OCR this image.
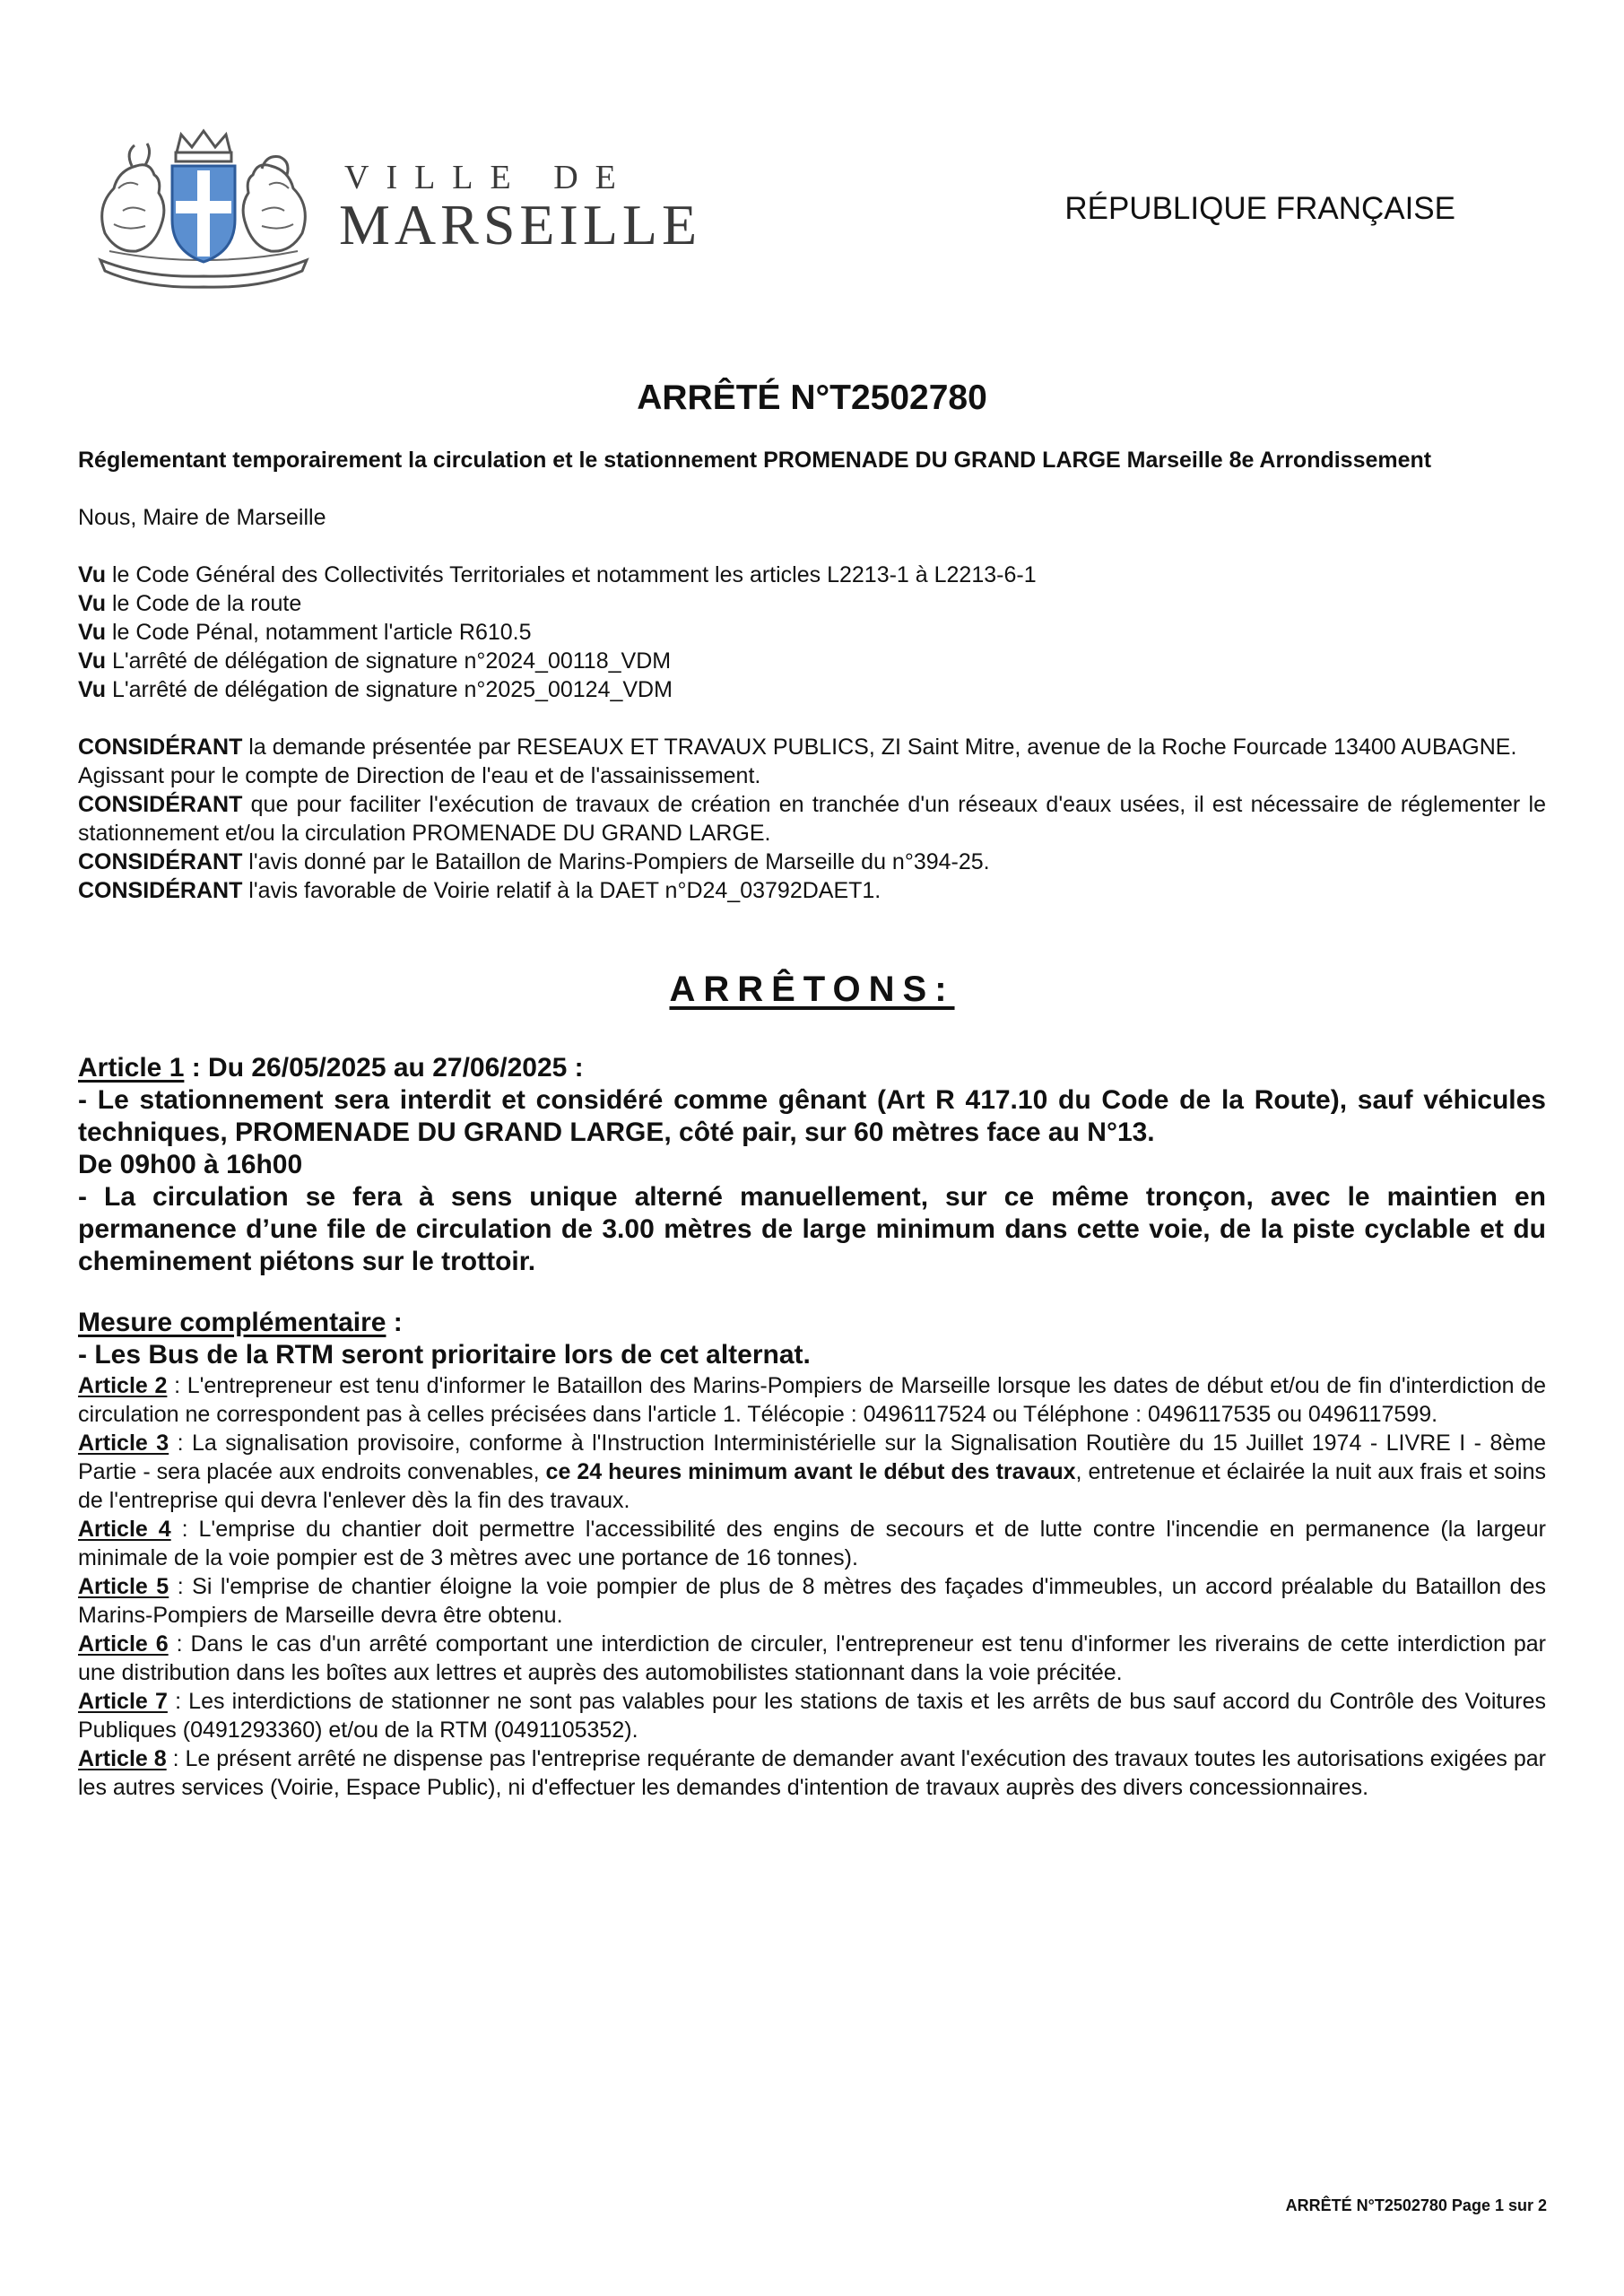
VILLE DE
MARSEILLE	RÉPUBLIQUE FRANÇAISE
ARRÊTÉ N°T2502780

Réglementant temporairement la circulation et le stationnement PROMENADE DU GRAND LARGE Marseille 8e Arrondissement

Nous, Maire de Marseille

Vu le Code Général des Collectivités Territoriales et notamment les articles L2213-1 à L2213-6-1

Vu le Code de la route

Vu le Code Pénal, notamment l'article R610.5

Vu L'arrêté de délégation de signature n°2024_00118_VDM

Vu L'arrêté de délégation de signature n°2025_00124_VDM

CONSIDÉRANT la demande présentée par RESEAUX ET TRAVAUX PUBLICS, ZI Saint Mitre, avenue de la Roche Fourcade 13400 AUBAGNE.

Agissant pour le compte de Direction de l'eau et de l'assainissement.

CONSIDÉRANT que pour faciliter l'exécution de travaux de création en tranchée d'un réseaux d'eaux usées, il est nécessaire de réglementer le stationnement et/ou la circulation PROMENADE DU GRAND LARGE.

CONSIDÉRANT l'avis donné par le Bataillon de Marins-Pompiers de Marseille du n°394-25.

CONSIDÉRANT l'avis favorable de Voirie relatif à la DAET n°D24_03792DAET1.

ARRÊTONS:

Article 1 : Du 26/05/2025 au 27/06/2025 :

- Le stationnement sera interdit et considéré comme gênant (Art R 417.10 du Code de la Route), sauf véhicules techniques, PROMENADE DU GRAND LARGE, côté pair, sur 60 mètres face au N°13.

De 09h00 à 16h00

- La circulation se fera à sens unique alterné manuellement, sur ce même tronçon, avec le maintien en permanence d’une file de circulation de 3.00 mètres de large minimum dans cette voie, de la piste cyclable et du cheminement piétons sur le trottoir.

Mesure complémentaire :

- Les Bus de la RTM seront prioritaire lors de cet alternat.

Article 2 : L'entrepreneur est tenu d'informer le Bataillon des Marins-Pompiers de Marseille lorsque les dates de début et/ou de fin d'interdiction de circulation ne correspondent pas à celles précisées dans l'article 1. Télécopie : 0496117524 ou Téléphone : 0496117535 ou 0496117599.

Article 3 : La signalisation provisoire, conforme à l'Instruction Interministérielle sur la Signalisation Routière du 15 Juillet 1974 - LIVRE I - 8ème Partie - sera placée aux endroits convenables, ce 24 heures minimum avant le début des travaux, entretenue et éclairée la nuit aux frais et soins de l'entreprise qui devra l'enlever dès la fin des travaux.

Article 4 : L'emprise du chantier doit permettre l'accessibilité des engins de secours et de lutte contre l'incendie en permanence (la largeur minimale de la voie pompier est de 3 mètres avec une portance de 16 tonnes).

Article 5 : Si l'emprise de chantier éloigne la voie pompier de plus de 8 mètres des façades d'immeubles, un accord préalable du Bataillon des Marins-Pompiers de Marseille devra être obtenu.

Article 6 : Dans le cas d'un arrêté comportant une interdiction de circuler, l'entrepreneur est tenu d'informer les riverains de cette interdiction par une distribution dans les boîtes aux lettres et auprès des automobilistes stationnant dans la voie précitée.

Article 7 : Les interdictions de stationner ne sont pas valables pour les stations de taxis et les arrêts de bus sauf accord du Contrôle des Voitures Publiques (0491293360) et/ou de la RTM (0491105352).

Article 8 : Le présent arrêté ne dispense pas l'entreprise requérante de demander avant l'exécution des travaux toutes les autorisations exigées par les autres services (Voirie, Espace Public), ni d'effectuer les demandes d'intention de travaux auprès des divers concessionnaires.

ARRÊTÉ N°T2502780 Page 1 sur 2
